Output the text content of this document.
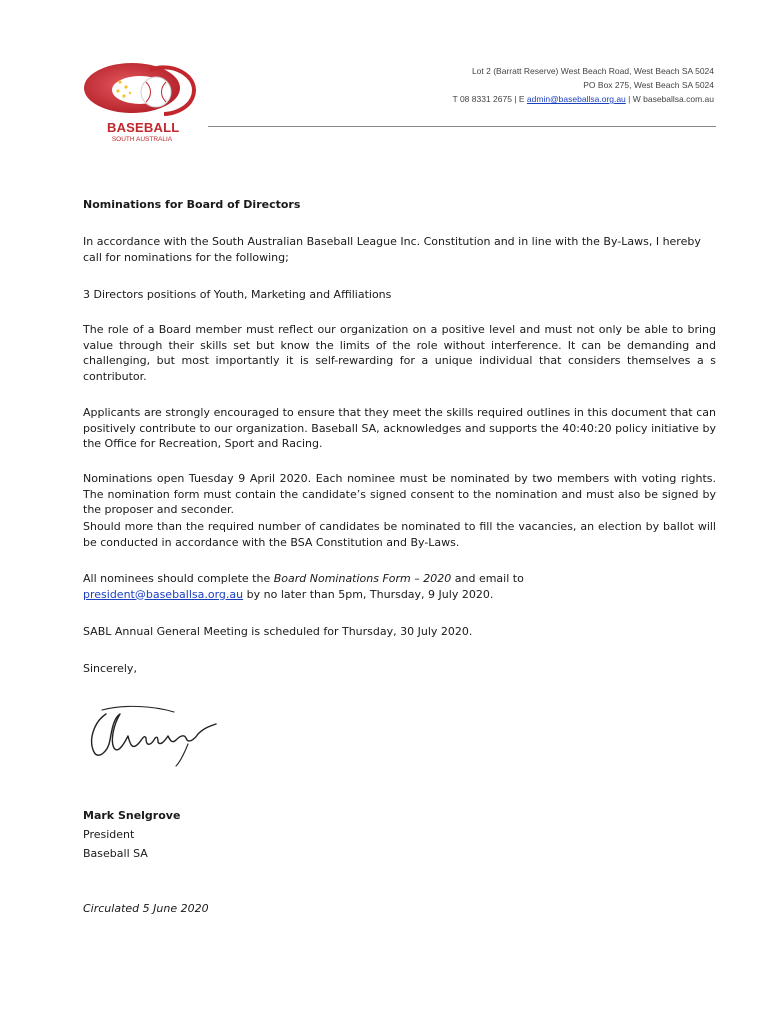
BASEBALL
SOUTH AUSTRALIA
Lot 2 (Barratt Reserve) West Beach Road, West Beach SA 5024
PO Box 275, West Beach SA 5024
T 08 8331 2675 | E admin@baseballsa.org.au | W baseballsa.com.au
Nominations for Board of Directors

In accordance with the South Australian Baseball League Inc. Constitution and in line with the By-Laws, I hereby call for nominations for the following;

3 Directors positions of Youth, Marketing and Affiliations

The role of a Board member must reflect our organization on a positive level and must not only be able to bring value through their skills set but know the limits of the role without interference. It can be demanding and challenging, but most importantly it is self-rewarding for a unique individual that considers themselves a s contributor.

Applicants are strongly encouraged to ensure that they meet the skills required outlines in this document that can positively contribute to our organization. Baseball SA, acknowledges and supports the 40:40:20 policy initiative by the Office for Recreation, Sport and Racing.

Nominations open Tuesday 9 April 2020. Each nominee must be nominated by two members with voting rights. The nomination form must contain the candidate’s signed consent to the nomination and must also be signed by the proposer and seconder.

Should more than the required number of candidates be nominated to fill the vacancies, an election by ballot will be conducted in accordance with the BSA Constitution and By-Laws.

All nominees should complete the Board Nominations Form – 2020 and email to
president@baseballsa.org.au by no later than 5pm, Thursday, 9 July 2020.

SABL Annual General Meeting is scheduled for Thursday, 30 July 2020.

Sincerely,

Mark Snelgrove
President
Baseball SA
Circulated 5 June 2020
